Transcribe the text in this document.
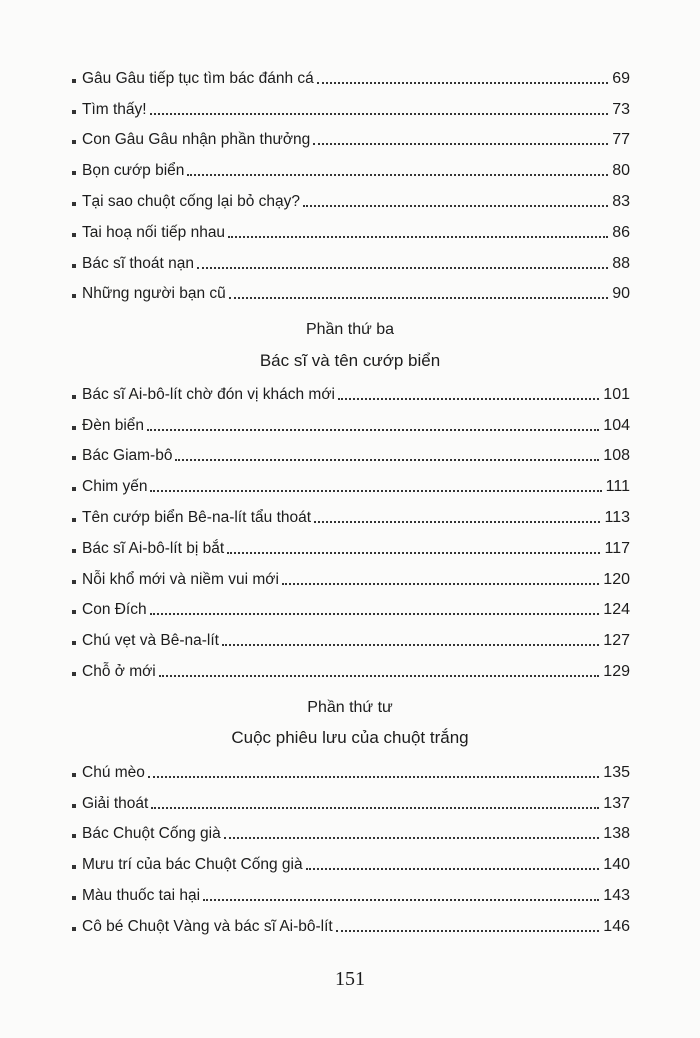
Gâu Gâu tiếp tục tìm bác đánh cá	69
Tìm thấy!	73
Con Gâu Gâu nhận phần thưởng	77
Bọn cướp biển	80
Tại sao chuột cống lại bỏ chạy?	83
Tai hoạ nối tiếp nhau	86
Bác sĩ thoát nạn	88
Những người bạn cũ	90
Phần thứ ba
Bác sĩ và tên cướp biển
Bác sĩ Ai-bô-lít chờ đón vị khách mới	101
Đèn biển	104
Bác Giam-bô	108
Chim yến	111
Tên cướp biển Bê-na-lít tẩu thoát	113
Bác sĩ Ai-bô-lít bị bắt	117
Nỗi khổ mới và niềm vui mới	120
Con Đích	124
Chú vẹt và Bê-na-lít	127
Chỗ ở mới	129
Phần thứ tư
Cuộc phiêu lưu của chuột trắng
Chú mèo	135
Giải thoát	137
Bác Chuột Cống già	138
Mưu trí của bác Chuột Cống già	140
Màu thuốc tai hại	143
Cô bé Chuột Vàng và bác sĩ Ai-bô-lít	146
151
